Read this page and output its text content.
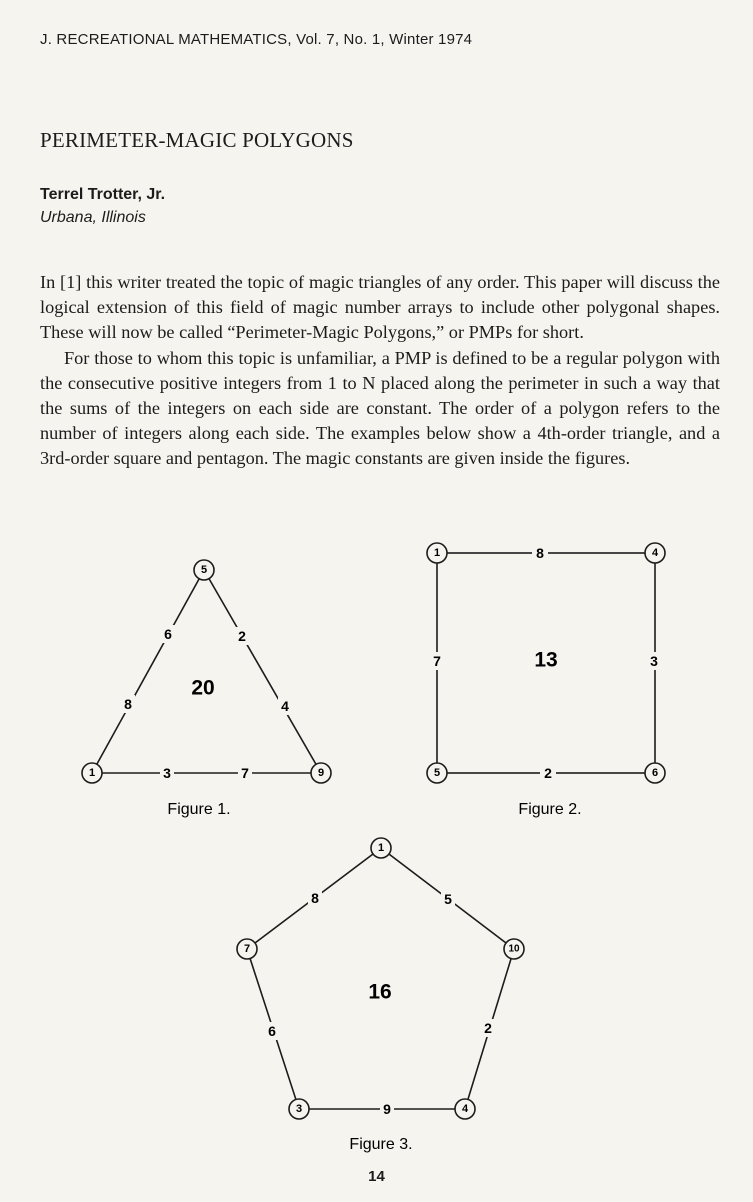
J. RECREATIONAL MATHEMATICS, Vol. 7, No. 1, Winter 1974
PERIMETER-MAGIC POLYGONS
Terrel Trotter, Jr.
Urbana, Illinois

In [1] this writer treated the topic of magic triangles of any order. This paper will discuss the logical extension of this field of magic number arrays to include other polygonal shapes. These will now be called “Perimeter-Magic Polygons,” or PMPs for short.

For those to whom this topic is unfamiliar, a PMP is defined to be a regular polygon with the consecutive positive integers from 1 to N placed along the perimeter in such a way that the sums of the integers on each side are constant. The order of a polygon refers to the number of integers along each side. The examples below show a 4th-order triangle, and a 3rd-order square and pentagon. The magic constants are given inside the figures.

6
8
3	7
2
4
20
5
1	9
Figure 1.
8
3
2
7	13
1	4
6
5
Figure 2.
5
2
9
6
8
16
1
10
4
3
7
Figure 3.
14
